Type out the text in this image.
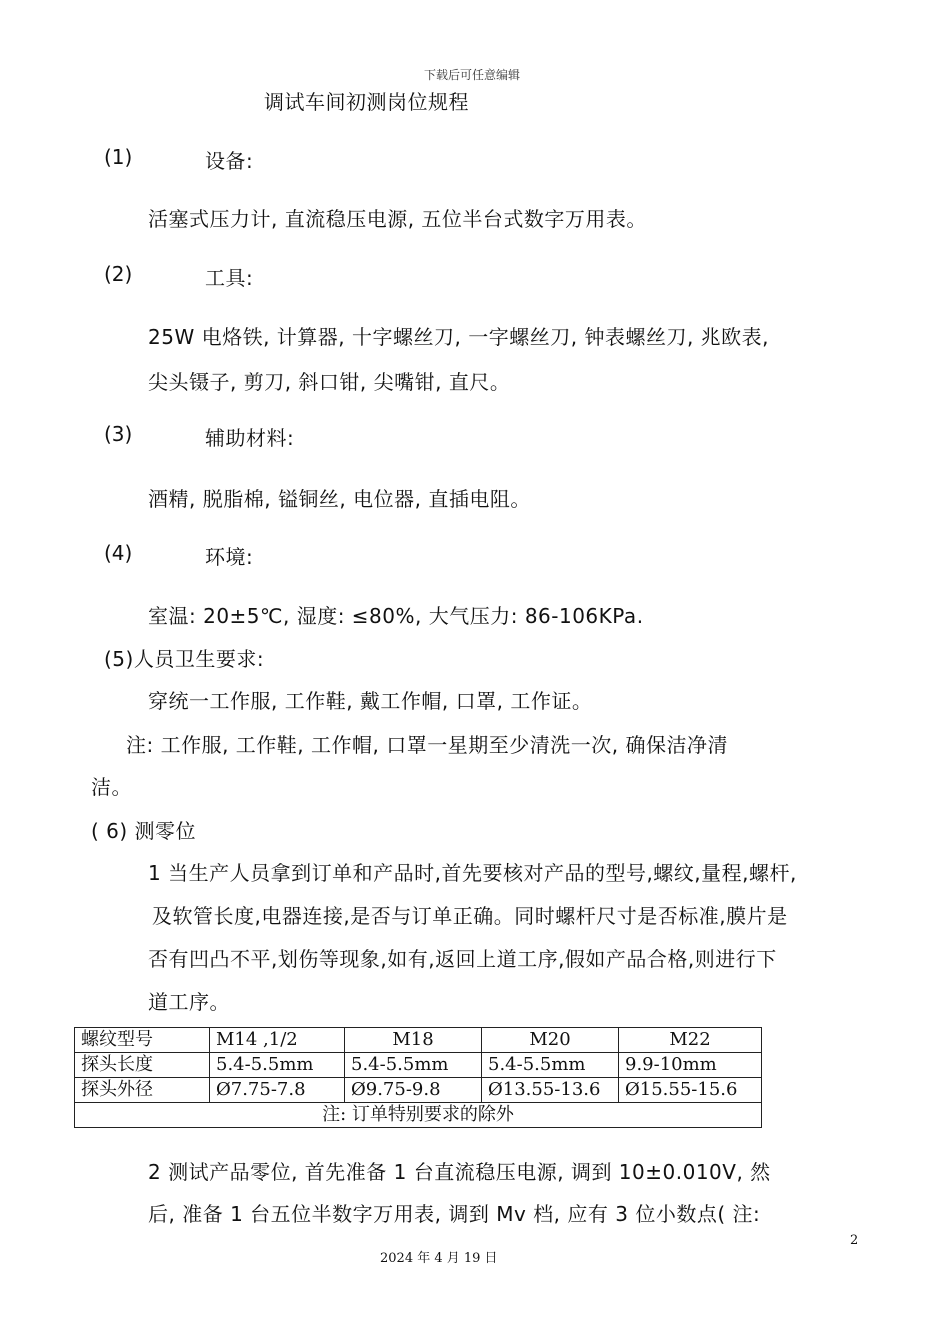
下载后可任意编辑
调试车间初测岗位规程
(1)	设备:
活塞式压力计, 直流稳压电源, 五位半台式数字万用表。
(2)	工具:
25W 电烙铁, 计算器, 十字螺丝刀, 一字螺丝刀, 钟表螺丝刀, 兆欧表,
尖头镊子, 剪刀, 斜口钳, 尖嘴钳, 直尺。
(3)	辅助材料:
酒精, 脱脂棉, 镒铜丝, 电位器, 直插电阻。
(4)	环境:
室温: 20±5℃, 湿度: ≤80%, 大气压力: 86-106KPa.
(5)人员卫生要求:
穿统一工作服, 工作鞋, 戴工作帽, 口罩, 工作证。
注: 工作服, 工作鞋, 工作帽, 口罩一星期至少清洗一次, 确保洁净清
洁。
( 6) 测零位
1 当生产人员拿到订单和产品时,首先要核对产品的型号,螺纹,量程,螺杆,
及软管长度,电器连接,是否与订单正确。同时螺杆尺寸是否标准,膜片是
否有凹凸不平,划伤等现象,如有,返回上道工序,假如产品合格,则进行下
道工序。
螺纹型号	M14 ,1/2	M18	M20	M22
探头长度	5.4-5.5mm	5.4-5.5mm	5.4-5.5mm	9.9-10mm
探头外径	Ø7.75-7.8	Ø9.75-9.8	Ø13.55-13.6	Ø15.55-15.6
注: 订单特别要求的除外				
2 测试产品零位, 首先准备 1 台直流稳压电源, 调到 10±0.010V, 然
后, 准备 1 台五位半数字万用表, 调到 Mv 档, 应有 3 位小数点( 注:
2
2024 年 4 月 19 日
